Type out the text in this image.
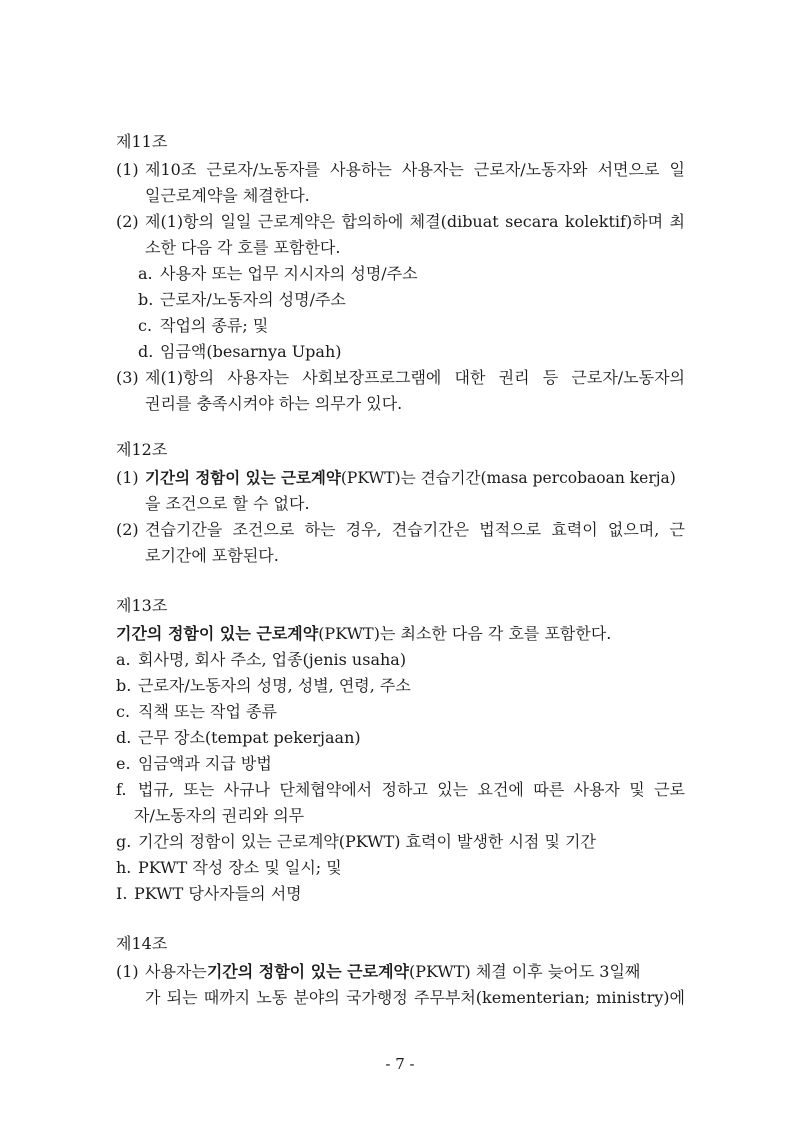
제11조
(1) 제10조 근로자/노동자를 사용하는 사용자는 근로자/노동자와 서면으로 일
일근로계약을 체결한다.
(2) 제(1)항의 일일 근로계약은 합의하에 체결(dibuat secara kolektif)하며 최
소한 다음 각 호를 포함한다.
a. 사용자 또는 업무 지시자의 성명/주소
b. 근로자/노동자의 성명/주소
c. 작업의 종류; 및
d. 임금액(besarnya Upah)
(3) 제(1)항의 사용자는 사회보장프로그램에 대한 권리 등 근로자/노동자의
권리를 충족시켜야 하는 의무가 있다.
제12조
(1) 기간의 정함이 있는 근로계약(PKWT)는 견습기간(masa percobaoan kerja)
을 조건으로 할 수 없다.
(2) 견습기간을 조건으로 하는 경우, 견습기간은 법적으로 효력이 없으며, 근
로기간에 포함된다.
제13조
기간의 정함이 있는 근로계약(PKWT)는 최소한 다음 각 호를 포함한다.
a. 회사명, 회사 주소, 업종(jenis usaha)
b. 근로자/노동자의 성명, 성별, 연령, 주소
c. 직책 또는 작업 종류
d. 근무 장소(tempat pekerjaan)
e. 임금액과 지급 방법
f. 법규, 또는 사규나 단체협약에서 정하고 있는 요건에 따른 사용자 및 근로
자/노동자의 권리와 의무
g. 기간의 정함이 있는 근로계약(PKWT) 효력이 발생한 시점 및 기간
h. PKWT 작성 장소 및 일시; 및
I. PKWT 당사자들의 서명
제14조
(1) 사용자는기간의 정함이 있는 근로계약(PKWT) 체결 이후 늦어도 3일째
가 되는 때까지 노동 분야의 국가행정 주무부처(kementerian; ministry)에
- 7 -
